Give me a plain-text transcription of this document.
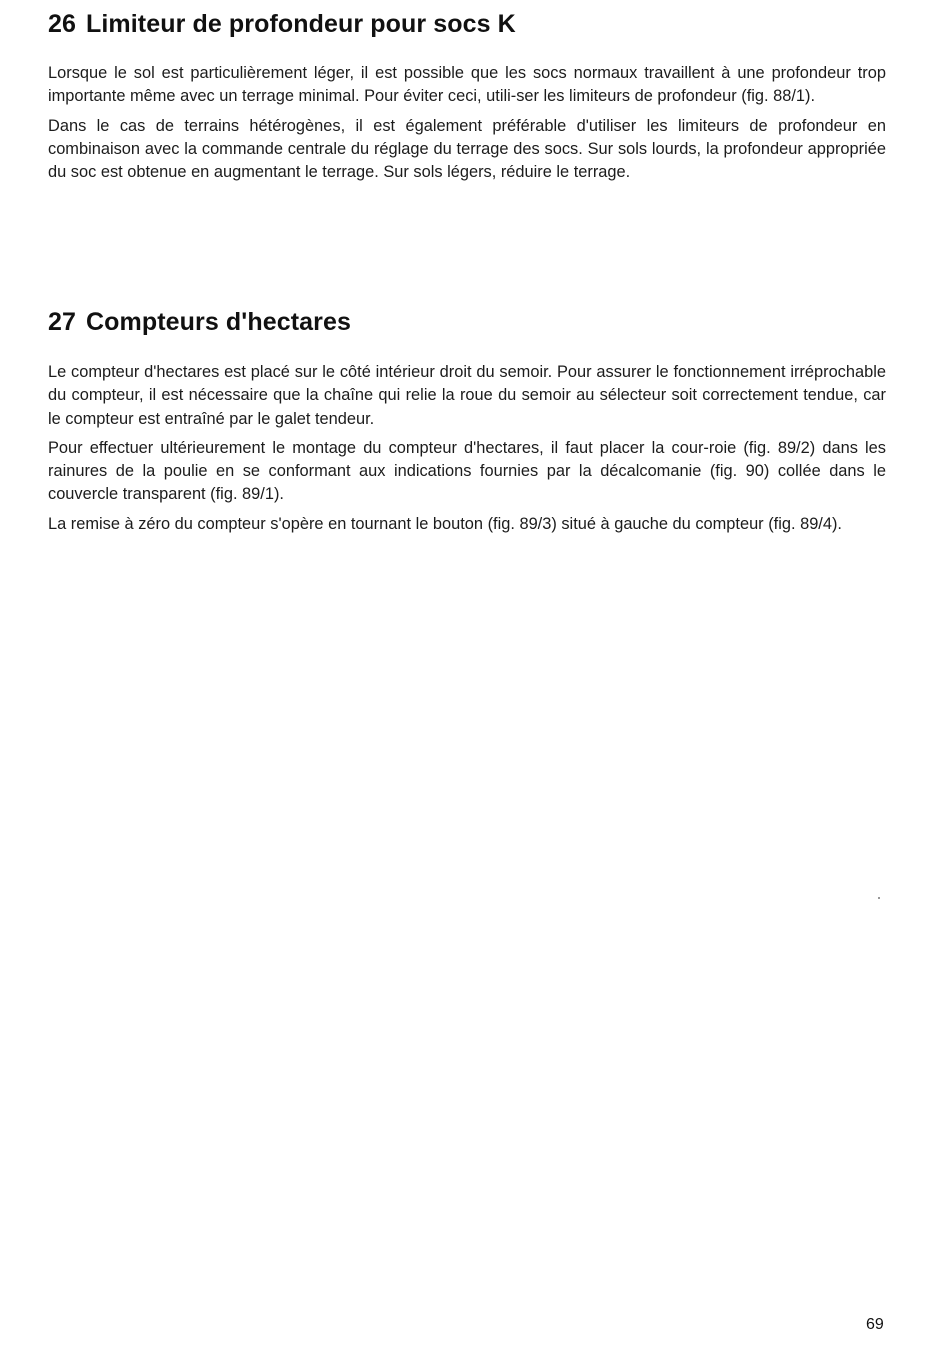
26 Limiteur de profondeur pour socs K

Lorsque le sol est particulièrement léger, il est possible que les socs normaux travaillent à une profondeur trop importante même avec un terrage minimal. Pour éviter ceci, utili-ser les limiteurs de profondeur (fig. 88/1).

Dans le cas de terrains hétérogènes, il est également préférable d'utiliser les limiteurs de profondeur en combinaison avec la commande centrale du réglage du terrage des socs. Sur sols lourds, la profondeur appropriée du soc est obtenue en augmentant le terrage. Sur sols légers, réduire le terrage.

27 Compteurs d'hectares

Le compteur d'hectares est placé sur le côté intérieur droit du semoir. Pour assurer le fonctionnement irréprochable du compteur, il est nécessaire que la chaîne qui relie la roue du semoir au sélecteur soit correctement tendue, car le compteur est entraîné par le galet tendeur.

Pour effectuer ultérieurement le montage du compteur d'hectares, il faut placer la cour-roie (fig. 89/2) dans les rainures de la poulie en se conformant aux indications fournies par la décalcomanie (fig. 90) collée dans le couvercle transparent (fig. 89/1).

La remise à zéro du compteur s'opère en tournant le bouton (fig. 89/3) situé à gauche du compteur (fig. 89/4).

69
